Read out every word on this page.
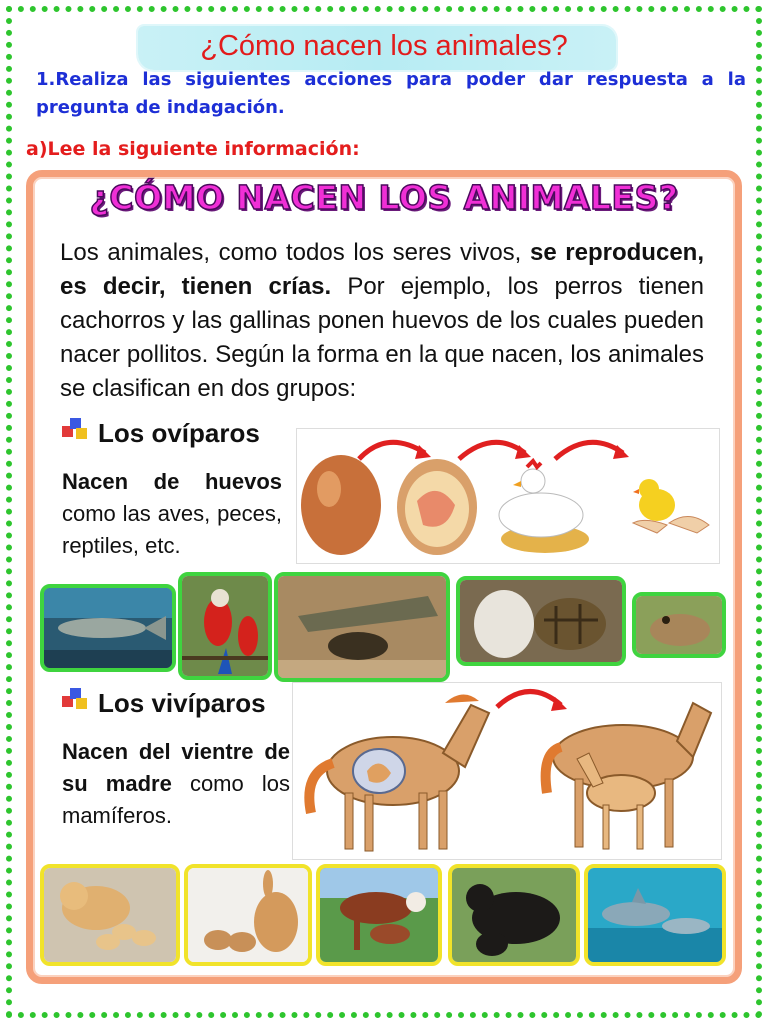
¿Cómo nacen los animales?
1.Realiza las siguientes acciones para poder dar respuesta a la pregunta de indagación.
a)Lee la siguiente información:
¿CÓMO NACEN LOS ANIMALES?
Los animales, como todos los seres vivos, se reproducen, es decir, tienen crías. Por ejemplo, los perros tienen cachorros y las gallinas ponen huevos de los cuales pueden nacer pollitos. Según la forma en la que nacen, los animales se clasifican en dos grupos:
Los ovíparos
Nacen de huevos como las aves, peces, reptiles, etc.
Los vivíparos
Nacen del vientre de su madre como los mamíferos.
